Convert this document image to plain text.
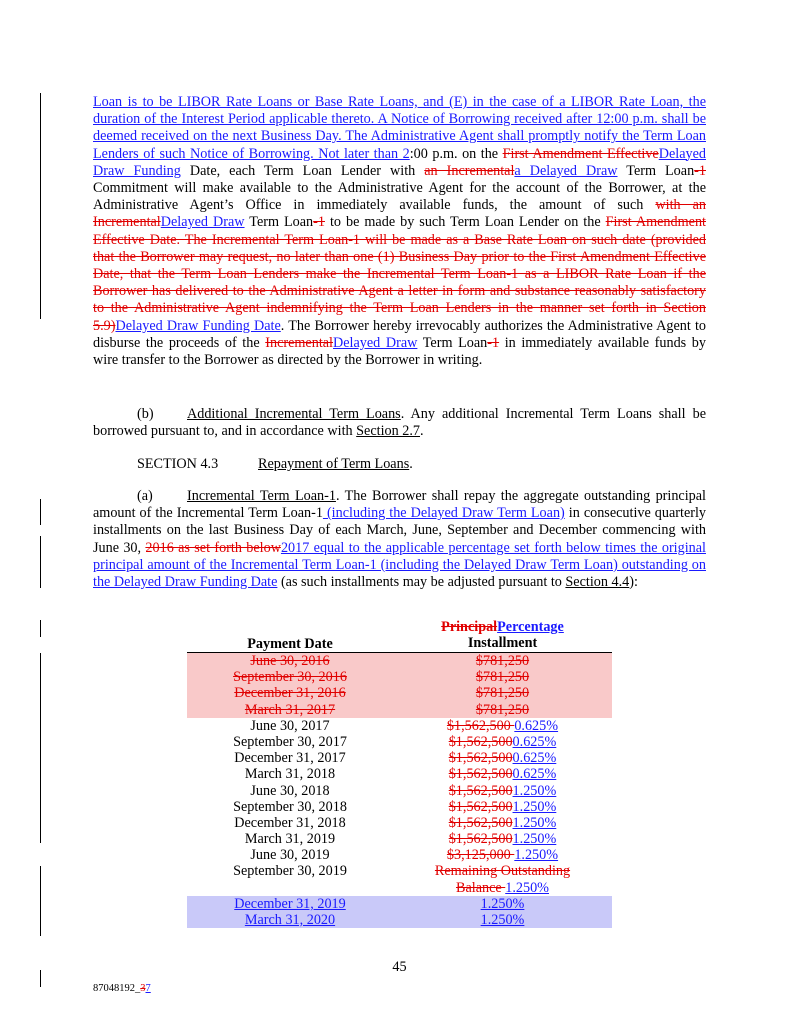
Loan is to be LIBOR Rate Loans or Base Rate Loans, and (E) in the case of a LIBOR Rate Loan, the duration of the Interest Period applicable thereto. A Notice of Borrowing received after 12:00 p.m. shall be deemed received on the next Business Day. The Administrative Agent shall promptly notify the Term Loan Lenders of such Notice of Borrowing. Not later than 2:00 p.m. on the First Amendment EffectiveDelayed Draw Funding Date, each Term Loan Lender with an Incrementala Delayed Draw Term Loan-1 Commitment will make available to the Administrative Agent for the account of the Borrower, at the Administrative Agent’s Office in immediately available funds, the amount of such with an IncrementalDelayed Draw Term Loan-1 to be made by such Term Loan Lender on the First Amendment Effective Date. The Incremental Term Loan-1 will be made as a Base Rate Loan on such date (provided that the Borrower may request, no later than one (1) Business Day prior to the First Amendment Effective Date, that the Term Loan Lenders make the Incremental Term Loan-1 as a LIBOR Rate Loan if the Borrower has delivered to the Administrative Agent a letter in form and substance reasonably satisfactory to the Administrative Agent indemnifying the Term Loan Lenders in the manner set forth in Section 5.9)Delayed Draw Funding Date. The Borrower hereby irrevocably authorizes the Administrative Agent to disburse the proceeds of the IncrementalDelayed Draw Term Loan-1 in immediately available funds by wire transfer to the Borrower as directed by the Borrower in writing.
(b) Additional Incremental Term Loans. Any additional Incremental Term Loans shall be borrowed pursuant to, and in accordance with Section 2.7.
SECTION 4.3	Repayment of Term Loans.
(a) Incremental Term Loan-1. The Borrower shall repay the aggregate outstanding principal amount of the Incremental Term Loan-1 (including the Delayed Draw Term Loan) in consecutive quarterly installments on the last Business Day of each March, June, September and December commencing with June 30, 2016 as set forth below2017 equal to the applicable percentage set forth below times the original principal amount of the Incremental Term Loan-1 (including the Delayed Draw Term Loan) outstanding on the Delayed Draw Funding Date (as such installments may be adjusted pursuant to Section 4.4):
Payment Date
PrincipalPercentage
Installment
June 30, 2016	$781,250
September 30, 2016	$781,250
December 31, 2016	$781,250
March 31, 2017	$781,250
June 30, 2017	$1,562,500 0.625%
September 30, 2017	$1,562,5000.625%
December 31, 2017	$1,562,5000.625%
March 31, 2018	$1,562,5000.625%
June 30, 2018	$1,562,5001.250%
September 30, 2018	$1,562,5001.250%
December 31, 2018	$1,562,5001.250%
March 31, 2019	$1,562,5001.250%
June 30, 2019	$3,125,000 1.250%
September 30, 2019	Remaining Outstanding
Balance 1.250%
December 31, 2019	1.250%
March 31, 2020	1.250%
45
87048192_37
